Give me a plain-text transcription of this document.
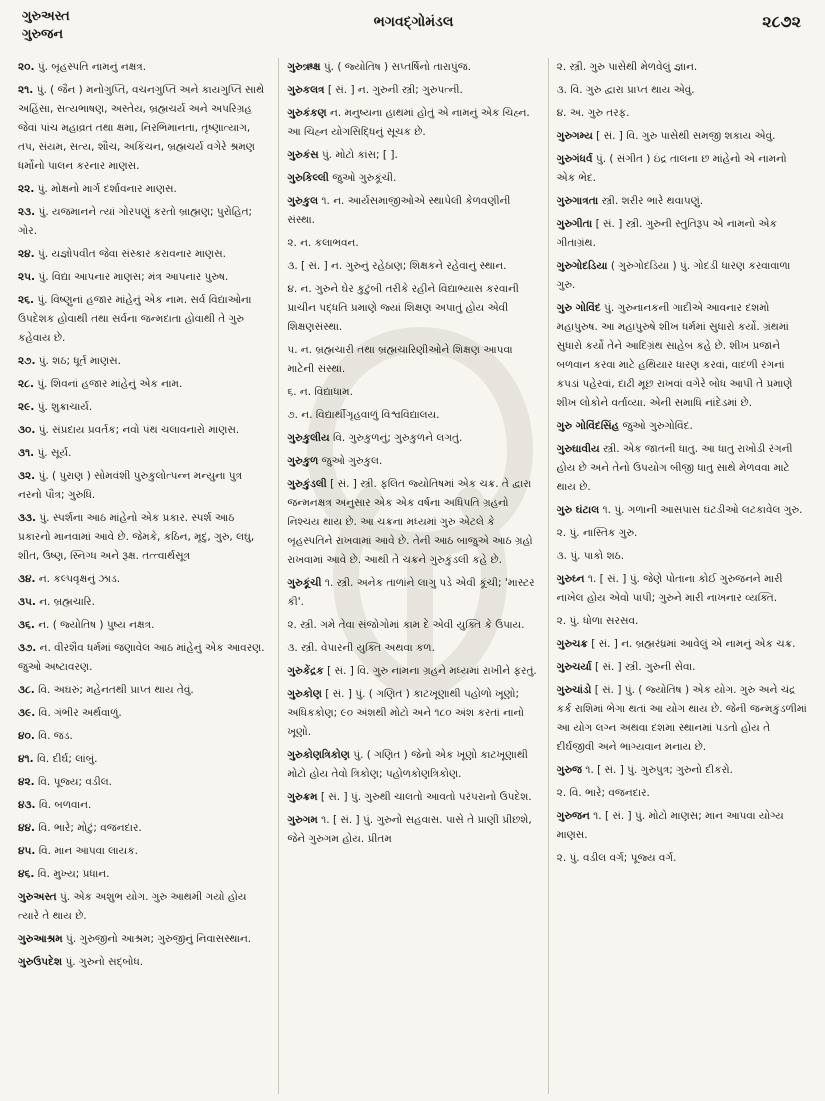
ગુરુઅસ્ત
ગુરુજન
ભગવદ્ગોમંડલ	૨૮૭૨
૨૦. પું. બૃહસ્પતિ નામનું નક્ષત્ર.
૨૧. પું. ( જૈન ) મનોગુપ્તિ, વચનગુપ્તિ અને કાયગુપ્તિ સાથે અહિંસા, સત્યભાષણ, અસ્તેય, બ્રહ્મચર્ય અને અપરિગ્રહ જેવાં પાંચ મહાવ્રત તથા ક્ષમા, નિરભિમાનતા, તૃષ્ણાત્યાગ, તપ, સંયમ, સત્ય, શૌચ, અકિંચન, બ્રહ્મચર્ય વગેરે શ્રમણ ધર્મોનો પાલન કરનાર માણસ.
૨૨. પું. મોક્ષનો માર્ગ દર્શાવનાર માણસ.
૨૩. પું. યજમાનને ત્યાં ગોરપણું કરતો બ્રાહ્મણ; પુરોહિત; ગોર.
૨૪. પું. યજ્ઞોપવીત જેવા સંસ્કાર કરાવનાર માણસ.
૨૫. પું. વિદ્યા આપનાર માણસ; મંત્ર આપનાર પુરુષ.
૨૬. પું. વિષ્ણુનાં હજાર માંહેનું એક નામ. સર્વ વિદ્યાઓના ઉપદેશક હોવાથી તથા સર્વના જન્મદાતા હોવાથી તે ગુરુ કહેવાય છે.
૨૭. પું. શઠ; ધૂર્ત માણસ.
૨૮. પું. શિવનાં હજાર માંહેનું એક નામ.
૨૯. પું. શુક્રાચાર્ય.
૩૦. પું. સંપ્રદાય પ્રવર્તક; નવો પંથ ચલાવનારો માણસ.
૩૧. પું. સૂર્ય.
૩૨. પું. ( પુરાણ ) સોમવંશી પુરુકુલોત્પન્ન મન્યુના પુત્ર નરનો પૌત્ર; ગુરુધિ.
૩૩. પું. સ્પર્શના આઠ માંહેનો એક પ્રકાર. સ્પર્શ આઠ પ્રકારનો માનવામાં આવે છે. જેમકે, કઠિન, મૃદુ, ગુરુ, લઘુ, શીત, ઉષ્ણ, સ્નિગ્ધ અને રૂક્ષ. તત્ત્વાર્થસૂત્ર
૩૪. ન. કલ્પવૃક્ષનું ઝાડ.
૩૫. ન. બ્રહ્મચારિ.
૩૬. ન. ( જ્યોતિષ ) પુષ્ય નક્ષત્ર.
૩૭. ન. વીરશૈવ ધર્મમાં જણાવેલ આઠ માંહેનું એક આવરણ. જુઓ અષ્ટાવરણ.
૩૮. વિ. અઘરું; મહેનતથી પ્રાપ્ત થાય તેવું.
૩૯. વિ. ગંભીર અર્થવાળું.
૪૦. વિ. જડ.
૪૧. વિ. દીર્ઘ; લાંબું.
૪૨. વિ. પૂજ્ય; વડીલ.
૪૩. વિ. બળવાન.
૪૪. વિ. ભારે; મોટું; વજનદાર.
૪૫. વિ. માન આપવા લાયક.
૪૬. વિ. મુખ્ય; પ્રધાન.
ગુરુઅસ્ત પું. એક અશુભ યોગ. ગુરુ આથમી ગયો હોય ત્યારે તે થાય છે.
ગુરુઆશ્રમ પું. ગુરુજીનો આશ્રમ; ગુરુજીનું નિવાસસ્થાન.
ગુરુઉપદેશ પું. ગુરુનો સદ્બોધ.
ગુરુઋક્ષ પું. ( જ્યોતિષ ) સપ્તર્ષિનો તારાપુંજ.
ગુરુકલત્ર [ સં. ] ન. ગુરુની સ્ત્રી; ગુરુપત્ની.
ગુરુકંકણ ન. મનુષ્યના હાથમાં હોતું એ નામનું એક ચિહ્ન. આ ચિહ્ન યોગસિદ્ધિનું સૂચક છે.
ગુરુકંસ પું. મોટો કાંસ; [ ].
ગુરુકિલ્લી જુઓ ગુરુકૂંચી.
ગુરુકુલ ૧. ન. આર્યસમાજીઓએ સ્થાપેલી કેળવણીની સંસ્થા.
૨. ન. કલાભવન.
૩. [ સં. ] ન. ગુરુનું રહેઠાણ; શિક્ષકને રહેવાનું સ્થાન.
૪. ન. ગુરુને ઘેર કુટુંબી તરીકે રહીને વિદ્યાભ્યાસ કરવાની પ્રાચીન પદ્ધતિ પ્રમાણે જ્યાં શિક્ષણ અપાતું હોય એવી શિક્ષણસંસ્થા.
૫. ન. બ્રહ્મચારી તથા બ્રહ્મચારિણીઓને શિક્ષણ આપવા માટેની સંસ્થા.
૬. ન. વિદ્યાધામ.
૭. ન. વિદ્યાર્થીગૃહવાળું વિશ્વવિદ્યાલય.
ગુરુકુલીય વિ. ગુરુકુળનું; ગુરુકુળને લગતું.
ગુરુકુળ જુઓ ગુરુકુલ.
ગુરુકુંડલી [ સં. ] સ્ત્રી. ફલિત જ્યોતિષમાં એક ચક્ર. તે દ્વારા જન્મનક્ષત્ર અનુસાર એક એક વર્ષના અધિપતિ ગ્રહનો નિશ્ચય થાય છે. આ ચક્રના મધ્યમાં ગુરુ એટલે કે બૃહસ્પતિને રાખવામાં આવે છે. તેની આઠ બાજુએ આઠ ગ્રહો રાખવામાં આવે છે. આથી તે ચક્રને ગુરુકુંડલી કહે છે.
ગુરુકૂંચી ૧. સ્ત્રી. અનેક તાળાંને લાગુ પડે એવી કૂંચી; 'માસ્ટર કી'.
૨. સ્ત્રી. ગમે તેવા સંજોગોમાં કામ દે એવી યુક્તિ કે ઉપાય.
૩. સ્ત્રી. વેપારની યુક્તિ અથવા કળ.
ગુરુકેંદ્રક [ સં. ] વિ. ગુરુ નામના ગ્રહને મધ્યમાં રાખીને ફરતું.
ગુરુકોણ [ સં. ] પું. ( ગણિત ) કાટખૂણાથી પહોળો ખૂણો; અધિકકોણ; ૯૦ અંશથી મોટો અને ૧૮૦ અંશ કરતાં નાનો ખૂણો.
ગુરુકોણત્રિકોણ પું. ( ગણિત ) જેનો એક ખૂણો કાટખૂણાથી મોટો હોય તેવો ત્રિકોણ; પહોળકોણત્રિકોણ.
ગુરુક્રમ [ સં. ] પું. ગુરુથી ચાલતો આવતો પરંપરાનો ઉપદેશ.
ગુરુગમ ૧. [ સં. ] પું. ગુરુનો સહવાસ. પાસે તે પ્રાણી પ્રીછશે, જેને ગુરુગમ હોય. પ્રીતમ
૨. સ્ત્રી. ગુરુ પાસેથી મેળવેલું જ્ઞાન.
૩. વિ. ગુરુ દ્વારા પ્રાપ્ત થાય એવું.
૪. અ. ગુરુ તરફ.
ગુરુગમ્ય [ સં. ] વિ. ગુરુ પાસેથી સમજી શકાય એવું.
ગુરુગંધર્વ પું. ( સંગીત ) ઇંદ્ર તાલના છ માંહેનો એ નામનો એક ભેદ.
ગુરુગાત્રતા સ્ત્રી. શરીર ભારે થવાપણું.
ગુરુગીતા [ સં. ] સ્ત્રી. ગુરુની સ્તુતિરૂપ એ નામનો એક ગીતાગ્રંથ.
ગુરુગોદડિયા ( ગુરુગોદડિયા ) પું. ગોદડી ધારણ કરવાવાળા ગુરુ.
ગુરુ ગોવિંદ પું. ગુરુનાનકની ગાદીએ આવનાર દશમો મહાપુરુષ. આ મહાપુરુષે શીખ ધર્મમાં સુધારો કર્યો. ગ્રંથમાં સુધારો કર્યો તેને આદિગ્રંથ સાહેબ કહે છે. શીખ પ્રજાને બળવાન કરવા માટે હથિયાર ધારણ કરવાં, વાદળી રંગનાં કપડાં પહેરવાં, દાઢી મૂછ રાખવાં વગેરે બોધ આપી તે પ્રમાણે શીખ લોકોને વર્તાવ્યા. એની સમાધિ નાંદેડમાં છે.
ગુરુ ગોવિંદસિંહ જુઓ ગુરુગોવિંદ.
ગુરુઘાવીય સ્ત્રી. એક જાતની ધાતુ. આ ધાતુ રાખોડી રંગની હોય છે અને તેનો ઉપયોગ બીજી ધાતુ સાથે મેળવવા માટે થાય છે.
ગુરુ ઘંટાલ ૧. પું. ગળાની આસપાસ ઘંટડીઓ લટકાવેલ ગુરુ.
૨. પું. નાસ્તિક ગુરુ.
૩. પું. પાકો શઠ.
ગુરુઘ્ન ૧. [ સં. ] પું. જેણે પોતાના કોઈ ગુરુજનને મારી નાખેલ હોય એવો પાપી; ગુરુને મારી નાખનાર વ્યક્તિ.
૨. પું. ધોળા સરસવ.
ગુરુચક્ર [ સં. ] ન. બ્રહ્મરંધ્રમાં આવેલું એ નામનું એક ચક્ર.
ગુરુચર્યા [ સં. ] સ્ત્રી. ગુરુની સેવા.
ગુરુચાંડો [ સં. ] પું. ( જ્યોતિષ ) એક યોગ. ગુરુ અને ચંદ્ર કર્ક રાશિમાં ભેગા થતાં આ યોગ થાય છે. જેની જન્મકુંડળીમાં આ યોગ લગ્ન અથવા દશમા સ્થાનમાં પડતો હોય તે દીર્ઘજીવી અને ભાગ્યવાન મનાય છે.
ગુરુજ ૧. [ સં. ] પું. ગુરુપુત્ર; ગુરુનો દીકરો.
૨. વિ. ભારે; વજનદાર.
ગુરુજન ૧. [ સં. ] પું. મોટો માણસ; માન આપવા યોગ્ય માણસ.
૨. પું. વડીલ વર્ગ; પૂજ્ય વર્ગ.
